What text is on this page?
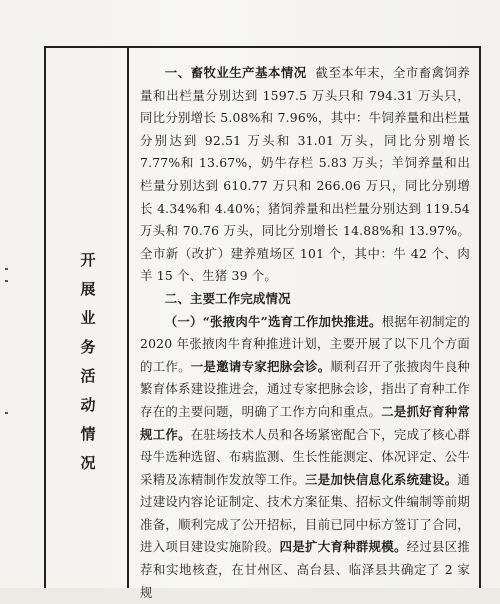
开
展
业
务
活
动
情
况

一、畜牧业生产基本情况 截至本年末，全市畜禽饲养量和出栏量分别达到 1597.5 万头只和 794.31 万头只，同比分别增长 5.08%和 7.96%，其中：牛饲养量和出栏量分别达到 92.51 万头和 31.01 万头，同比分别增长 7.77%和 13.67%，奶牛存栏 5.83 万头；羊饲养量和出栏量分别达到 610.77 万只和 266.06 万只，同比分别增长 4.34%和 4.40%；猪饲养量和出栏量分别达到 119.54 万头和 70.76 万头，同比分别增长 14.88%和 13.97%。全市新（改扩）建养殖场区 101 个，其中：牛 42 个、肉羊 15 个、生猪 39 个。

二、主要工作完成情况

（一）“张掖肉牛”选育工作加快推进。根据年初制定的 2020 年张掖肉牛育种推进计划，主要开展了以下几个方面的工作。一是邀请专家把脉会诊。顺利召开了张掖肉牛良种繁育体系建设推进会，通过专家把脉会诊，指出了育种工作存在的主要问题，明确了工作方向和重点。二是抓好育种常规工作。在驻场技术人员和各场紧密配合下，完成了核心群母牛选种选留、布病监测、生长性能测定、体况评定、公牛采精及冻精制作发放等工作。三是加快信息化系统建设。通过建设内容论证制定、技术方案征集、招标文件编制等前期准备，顺利完成了公开招标，目前已同中标方签订了合同，进入项目建设实施阶段。四是扩大育种群规模。经过县区推荐和实地核查，在甘州区、高台县、临泽县共确定了 2 家规
